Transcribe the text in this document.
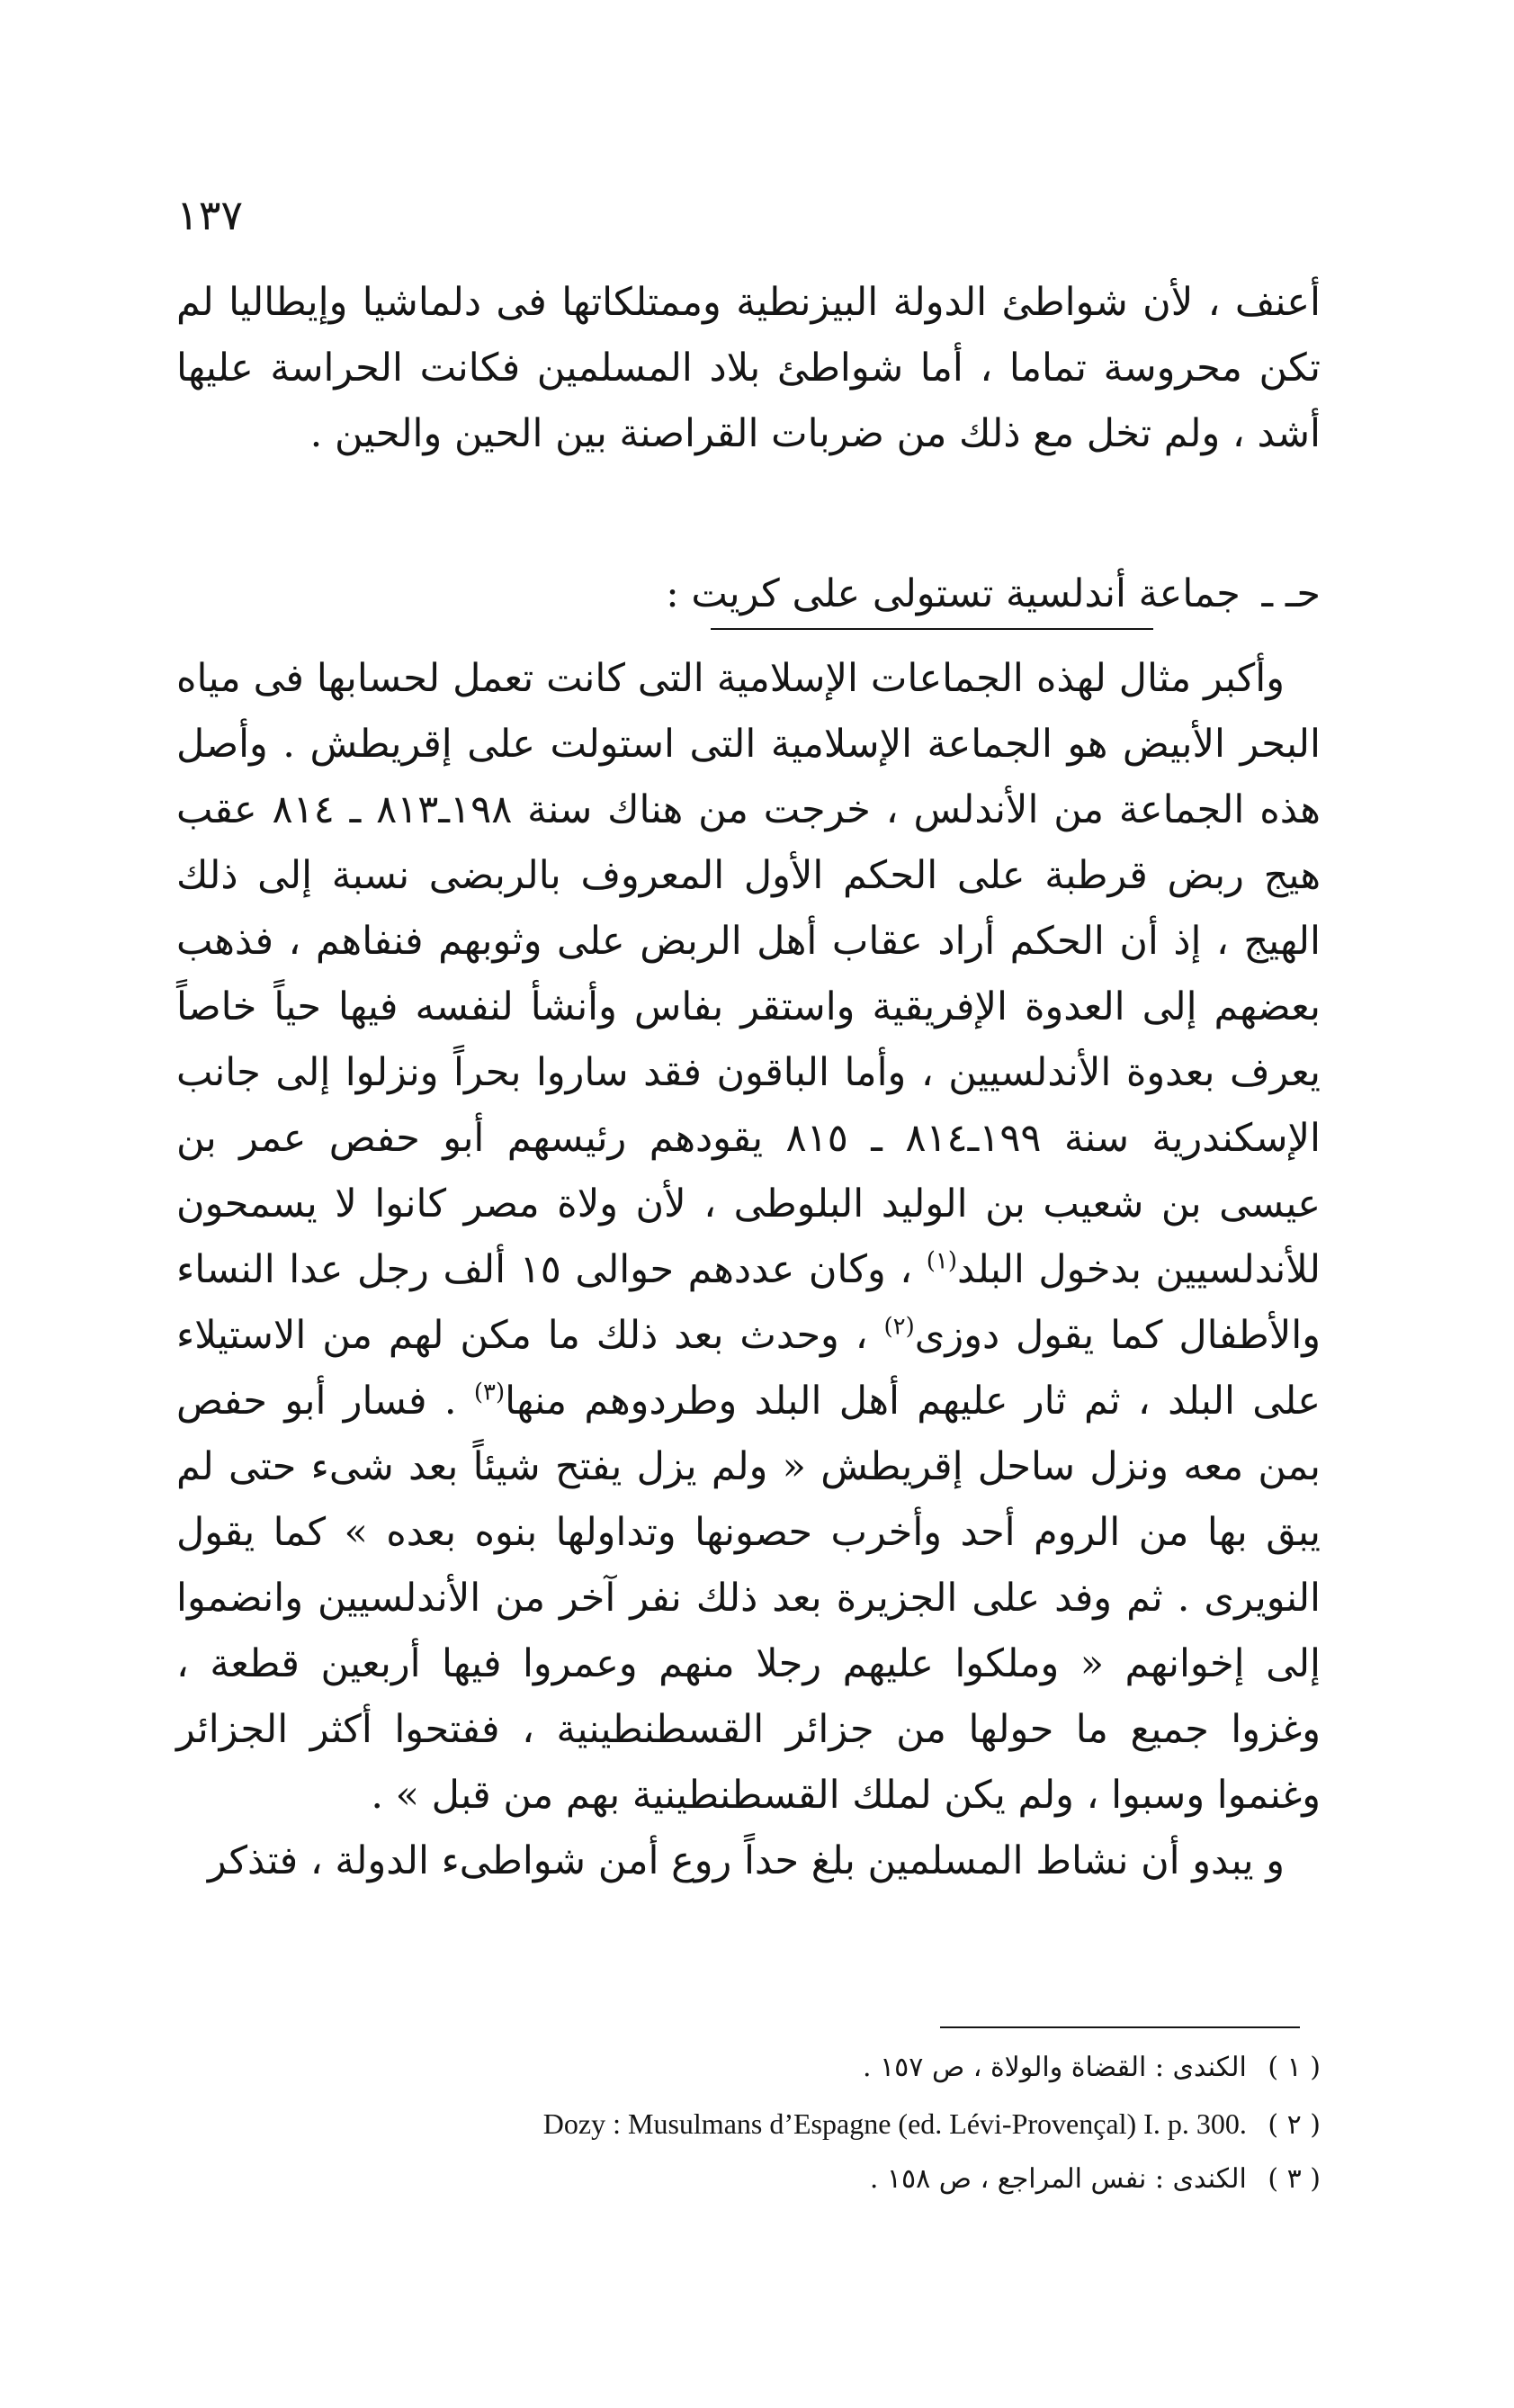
١٣٧

أعنف ، لأن شواطئ الدولة البيزنطية وممتلكاتها فى دلماشيا وإيطاليا لم تكن محروسة تماما ، أما شواطئ بلاد المسلمين فكانت الحراسة عليها أشد ، ولم تخل مع ذلك من ضربات القراصنة بين الحين والحين .

حـ ـ جماعة أندلسية تستولى على كريت :

وأكبر مثال لهذه الجماعات الإسلامية التى كانت تعمل لحسابها فى مياه البحر الأبيض هو الجماعة الإسلامية التى استولت على إقريطش . وأصل هذه الجماعة من الأندلس ، خرجت من هناك سنة ١٩٨ـ٨١٣ ـ ٨١٤ عقب هيج ربض قرطبة على الحكم الأول المعروف بالربضى نسبة إلى ذلك الهيج ، إذ أن الحكم أراد عقاب أهل الربض على وثوبهم فنفاهم ، فذهب بعضهم إلى العدوة الإفريقية واستقر بفاس وأنشأ لنفسه فيها حياً خاصاً يعرف بعدوة الأندلسيين ، وأما الباقون فقد ساروا بحراً ونزلوا إلى جانب الإسكندرية سنة ١٩٩ـ٨١٤ ـ ٨١٥ يقودهم رئيسهم أبو حفص عمر بن عيسى بن شعيب بن الوليد البلوطى ، لأن ولاة مصر كانوا لا يسمحون للأندلسيين بدخول البلد$^{(١)}$ ، وكان عددهم حوالى ١٥ ألف رجل عدا النساء والأطفال كما يقول دوزى$^{(٢)}$ ، وحدث بعد ذلك ما مكن لهم من الاستيلاء على البلد ، ثم ثار عليهم أهل البلد وطردوهم منها$^{(٣)}$ . فسار أبو حفص بمن معه ونزل ساحل إقريطش « ولم يزل يفتح شيئاً بعد شىء حتى لم يبق بها من الروم أحد وأخرب حصونها وتداولها بنوه بعده » كما يقول النويرى . ثم وفد على الجزيرة بعد ذلك نفر آخر من الأندلسيين وانضموا إلى إخوانهم « وملكوا عليهم رجلا منهم وعمروا فيها أربعين قطعة ، وغزوا جميع ما حولها من جزائر القسطنطينية ، ففتحوا أكثر الجزائر وغنموا وسبوا ، ولم يكن لملك القسطنطينية بهم من قبل » .
و يبدو أن نشاط المسلمين بلغ حداً روع أمن شواطىء الدولة ، فتذكر

( ١ ) الكندى : القضاة والولاة ، ص ١٥٧ .
( ٢ ) Dozy : Musulmans d’Espagne (ed. Lévi-Provençal) I. p. 300.
( ٣ ) الكندى : نفس المراجع ، ص ١٥٨ .
